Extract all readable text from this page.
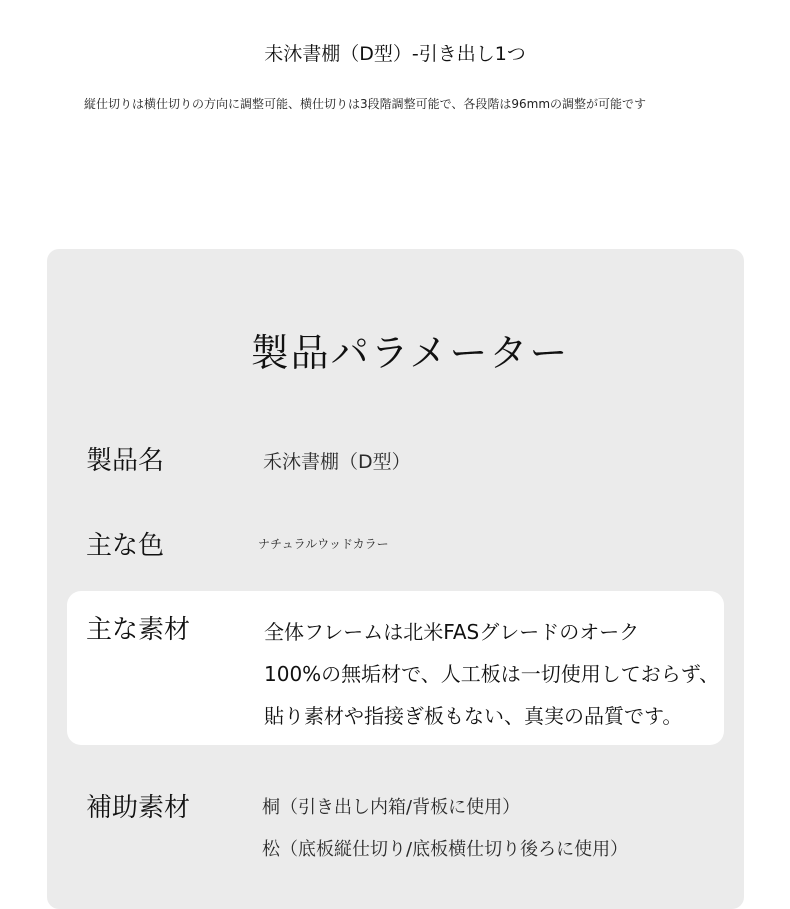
未沐書棚（D型）-引き出し1つ
縦仕切りは横仕切りの方向に調整可能、横仕切りは3段階調整可能で、各段階は96mmの調整が可能です
製品パラメーター
製品名	禾沐書棚（D型）
主な色	ナチュラルウッドカラー
主な素材	全体フレームは北米FASグレードのオーク
100%の無垢材で、人工板は一切使用しておらず、
貼り素材や指接ぎ板もない、真実の品質です。
補助素材	桐（引き出し内箱/背板に使用）
松（底板縦仕切り/底板横仕切り後ろに使用）
